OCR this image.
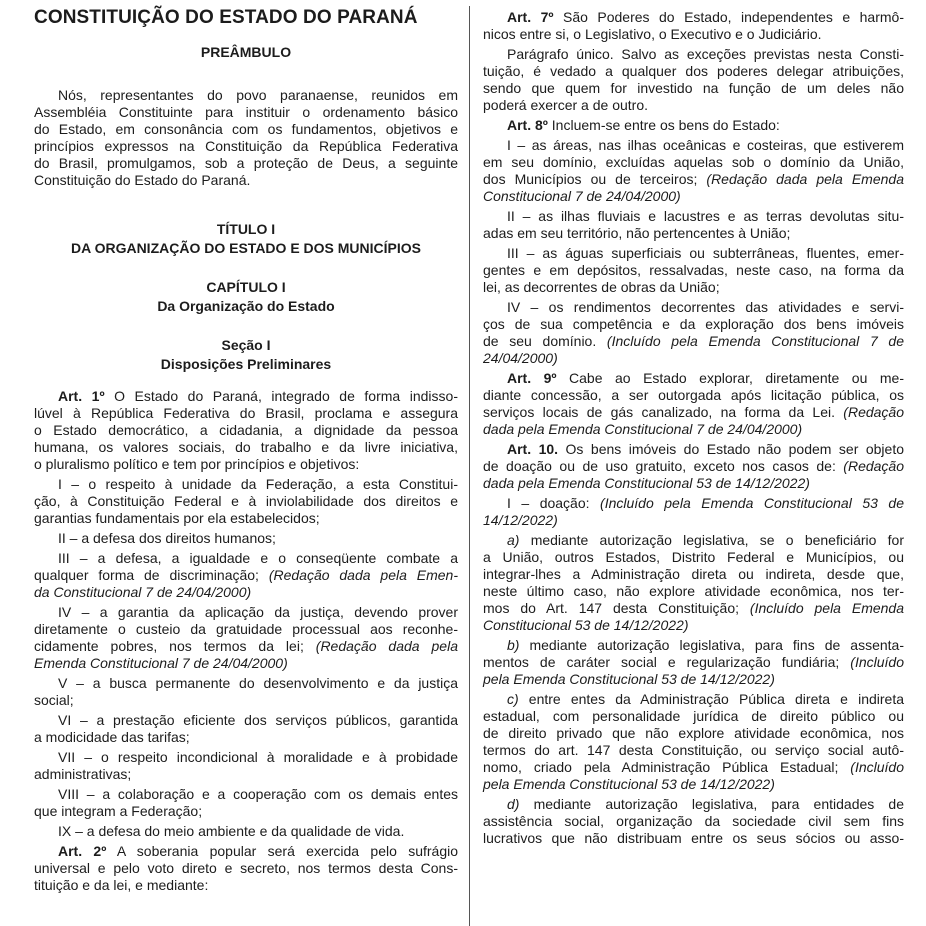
CONSTITUIÇÃO DO ESTADO DO PARANÁ

PREÂMBULO

Nós, representantes do povo paranaense, reunidos em

Assembléia Constituinte para instituir o ordenamento básico

do Estado, em consonância com os fundamentos, objetivos e

princípios expressos na Constituição da República Federativa

do Brasil, promulgamos, sob a proteção de Deus, a seguinte

Constituição do Estado do Paraná.

TÍTULO I

DA ORGANIZAÇÃO DO ESTADO E DOS MUNICÍPIOS

CAPÍTULO I

Da Organização do Estado

Seção I

Disposições Preliminares

Art. 1º O Estado do Paraná, integrado de forma indisso-

lúvel à República Federativa do Brasil, proclama e assegura

o Estado democrático, a cidadania, a dignidade da pessoa

humana, os valores sociais, do trabalho e da livre iniciativa,

o pluralismo político e tem por princípios e objetivos:

I – o respeito à unidade da Federação, a esta Constitui-

ção, à Constituição Federal e à inviolabilidade dos direitos e

garantias fundamentais por ela estabelecidos;

II – a defesa dos direitos humanos;

III – a defesa, a igualdade e o conseqüente combate a

qualquer forma de discriminação; (Redação dada pela Emen-

da Constitucional 7 de 24/04/2000)

IV – a garantia da aplicação da justiça, devendo prover

diretamente o custeio da gratuidade processual aos reconhe-

cidamente pobres, nos termos da lei; (Redação dada pela

Emenda Constitucional 7 de 24/04/2000)

V – a busca permanente do desenvolvimento e da justiça

social;

VI – a prestação eficiente dos serviços públicos, garantida

a modicidade das tarifas;

VII – o respeito incondicional à moralidade e à probidade

administrativas;

VIII – a colaboração e a cooperação com os demais entes

que integram a Federação;

IX – a defesa do meio ambiente e da qualidade de vida.

Art. 2º A soberania popular será exercida pelo sufrágio

universal e pelo voto direto e secreto, nos termos desta Cons-

tituição e da lei, e mediante:

Art. 7º São Poderes do Estado, independentes e harmô-

nicos entre si, o Legislativo, o Executivo e o Judiciário.

Parágrafo único. Salvo as exceções previstas nesta Consti-

tuição, é vedado a qualquer dos poderes delegar atribuições,

sendo que quem for investido na função de um deles não

poderá exercer a de outro.

Art. 8º Incluem-se entre os bens do Estado:

I – as áreas, nas ilhas oceânicas e costeiras, que estiverem

em seu domínio, excluídas aquelas sob o domínio da União,

dos Municípios ou de terceiros; (Redação dada pela Emenda

Constitucional 7 de 24/04/2000)

II – as ilhas fluviais e lacustres e as terras devolutas situ-

adas em seu território, não pertencentes à União;

III – as águas superficiais ou subterrâneas, fluentes, emer-

gentes e em depósitos, ressalvadas, neste caso, na forma da

lei, as decorrentes de obras da União;

IV – os rendimentos decorrentes das atividades e servi-

ços de sua competência e da exploração dos bens imóveis

de seu domínio. (Incluído pela Emenda Constitucional 7 de

24/04/2000)

Art. 9º Cabe ao Estado explorar, diretamente ou me-

diante concessão, a ser outorgada após licitação pública, os

serviços locais de gás canalizado, na forma da Lei. (Redação

dada pela Emenda Constitucional 7 de 24/04/2000)

Art. 10. Os bens imóveis do Estado não podem ser objeto

de doação ou de uso gratuito, exceto nos casos de: (Redação

dada pela Emenda Constitucional 53 de 14/12/2022)

I – doação: (Incluído pela Emenda Constitucional 53 de

14/12/2022)

a) mediante autorização legislativa, se o beneficiário for

a União, outros Estados, Distrito Federal e Municípios, ou

integrar-lhes a Administração direta ou indireta, desde que,

neste último caso, não explore atividade econômica, nos ter-

mos do Art. 147 desta Constituição; (Incluído pela Emenda

Constitucional 53 de 14/12/2022)

b) mediante autorização legislativa, para fins de assenta-

mentos de caráter social e regularização fundiária; (Incluído

pela Emenda Constitucional 53 de 14/12/2022)

c) entre entes da Administração Pública direta e indireta

estadual, com personalidade jurídica de direito público ou

de direito privado que não explore atividade econômica, nos

termos do art. 147 desta Constituição, ou serviço social autô-

nomo, criado pela Administração Pública Estadual; (Incluído

pela Emenda Constitucional 53 de 14/12/2022)

d) mediante autorização legislativa, para entidades de

assistência social, organização da sociedade civil sem fins

lucrativos que não distribuam entre os seus sócios ou asso-
